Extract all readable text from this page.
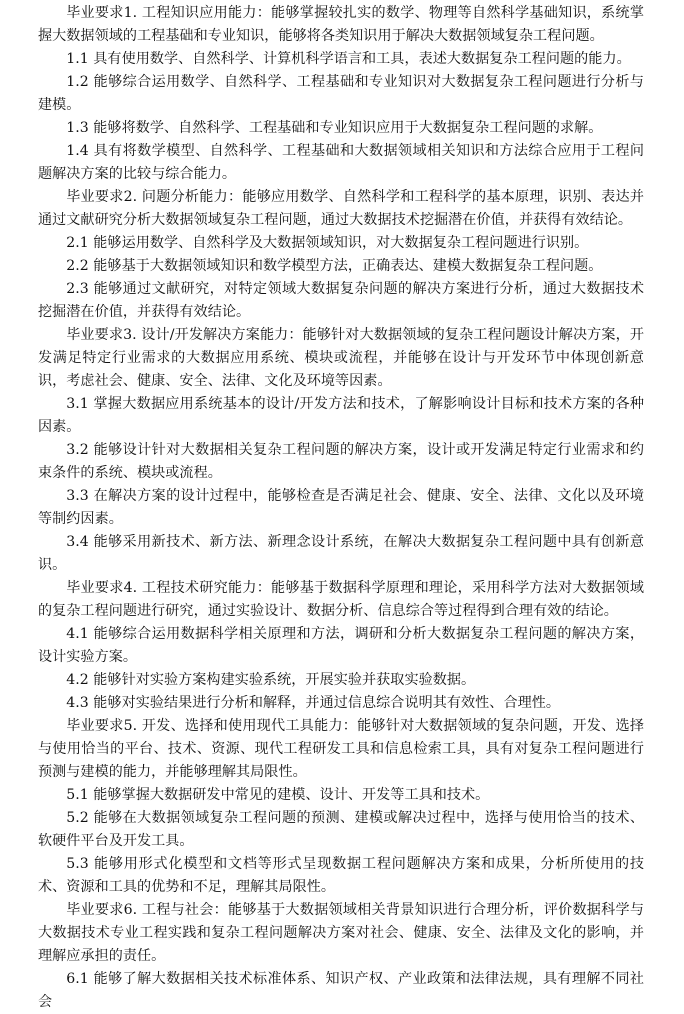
毕业要求1. 工程知识应用能力：能够掌握较扎实的数学、物理等自然科学基础知识，系统掌握大数据领域的工程基础和专业知识，能够将各类知识用于解决大数据领域复杂工程问题。

1.1 具有使用数学、自然科学、计算机科学语言和工具，表述大数据复杂工程问题的能力。

1.2 能够综合运用数学、自然科学、工程基础和专业知识对大数据复杂工程问题进行分析与建模。

1.3 能够将数学、自然科学、工程基础和专业知识应用于大数据复杂工程问题的求解。

1.4 具有将数学模型、自然科学、工程基础和大数据领域相关知识和方法综合应用于工程问题解决方案的比较与综合能力。

毕业要求2. 问题分析能力：能够应用数学、自然科学和工程科学的基本原理，识别、表达并通过文献研究分析大数据领域复杂工程问题，通过大数据技术挖掘潜在价值，并获得有效结论。

2.1 能够运用数学、自然科学及大数据领域知识，对大数据复杂工程问题进行识别。

2.2 能够基于大数据领域知识和数学模型方法，正确表达、建模大数据复杂工程问题。

2.3 能够通过文献研究，对特定领域大数据复杂问题的解决方案进行分析，通过大数据技术挖掘潜在价值，并获得有效结论。

毕业要求3. 设计/开发解决方案能力：能够针对大数据领域的复杂工程问题设计解决方案，开发满足特定行业需求的大数据应用系统、模块或流程，并能够在设计与开发环节中体现创新意识，考虑社会、健康、安全、法律、文化及环境等因素。

3.1 掌握大数据应用系统基本的设计/开发方法和技术，了解影响设计目标和技术方案的各种因素。

3.2 能够设计针对大数据相关复杂工程问题的解决方案，设计或开发满足特定行业需求和约束条件的系统、模块或流程。

3.3 在解决方案的设计过程中，能够检查是否满足社会、健康、安全、法律、文化以及环境等制约因素。

3.4 能够采用新技术、新方法、新理念设计系统，在解决大数据复杂工程问题中具有创新意识。

毕业要求4. 工程技术研究能力：能够基于数据科学原理和理论，采用科学方法对大数据领域的复杂工程问题进行研究，通过实验设计、数据分析、信息综合等过程得到合理有效的结论。

4.1 能够综合运用数据科学相关原理和方法，调研和分析大数据复杂工程问题的解决方案，设计实验方案。

4.2 能够针对实验方案构建实验系统，开展实验并获取实验数据。

4.3 能够对实验结果进行分析和解释，并通过信息综合说明其有效性、合理性。

毕业要求5. 开发、选择和使用现代工具能力：能够针对大数据领域的复杂问题，开发、选择与使用恰当的平台、技术、资源、现代工程研发工具和信息检索工具，具有对复杂工程问题进行预测与建模的能力，并能够理解其局限性。

5.1 能够掌握大数据研发中常见的建模、设计、开发等工具和技术。

5.2 能够在大数据领域复杂工程问题的预测、建模或解决过程中，选择与使用恰当的技术、软硬件平台及开发工具。

5.3 能够用形式化模型和文档等形式呈现数据工程问题解决方案和成果，分析所使用的技术、资源和工具的优势和不足，理解其局限性。

毕业要求6. 工程与社会：能够基于大数据领域相关背景知识进行合理分析，评价数据科学与大数据技术专业工程实践和复杂工程问题解决方案对社会、健康、安全、法律及文化的影响，并理解应承担的责任。

6.1 能够了解大数据相关技术标准体系、知识产权、产业政策和法律法规，具有理解不同社会
